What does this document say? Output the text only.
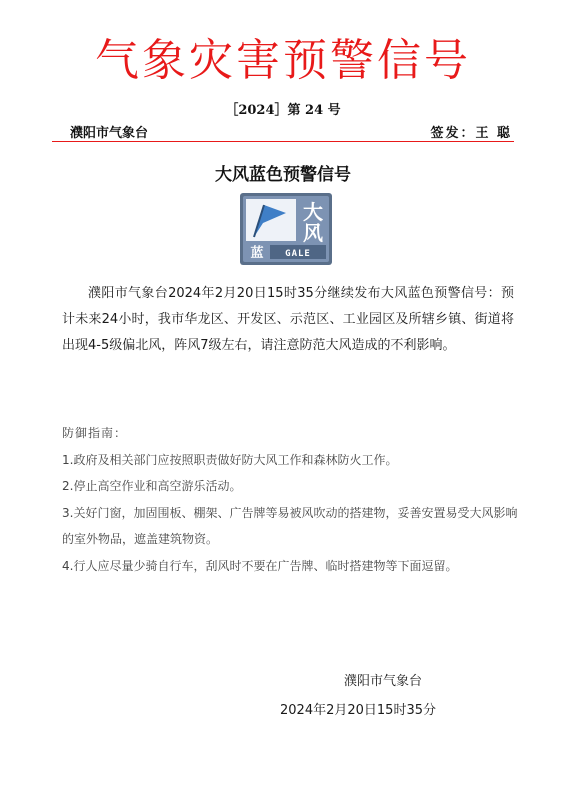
气象灾害预警信号
［2024］第 24 号
濮阳市气象台	签发：王 聪
大风蓝色预警信号
大
风
蓝 GALE
濮阳市气象台2024年2月20日15时35分继续发布大风蓝色预警信号：预计未来24小时，我市华龙区、开发区、示范区、工业园区及所辖乡镇、街道将出现4-5级偏北风，阵风7级左右，请注意防范大风造成的不利影响。
防御指南：

1.政府及相关部门应按照职责做好防大风工作和森林防火工作。

2.停止高空作业和高空游乐活动。

3.关好门窗，加固围板、棚架、广告牌等易被风吹动的搭建物，妥善安置易受大风影响的室外物品，遮盖建筑物资。

4.行人应尽量少骑自行车，刮风时不要在广告牌、临时搭建物等下面逗留。

濮阳市气象台
2024年2月20日15时35分
